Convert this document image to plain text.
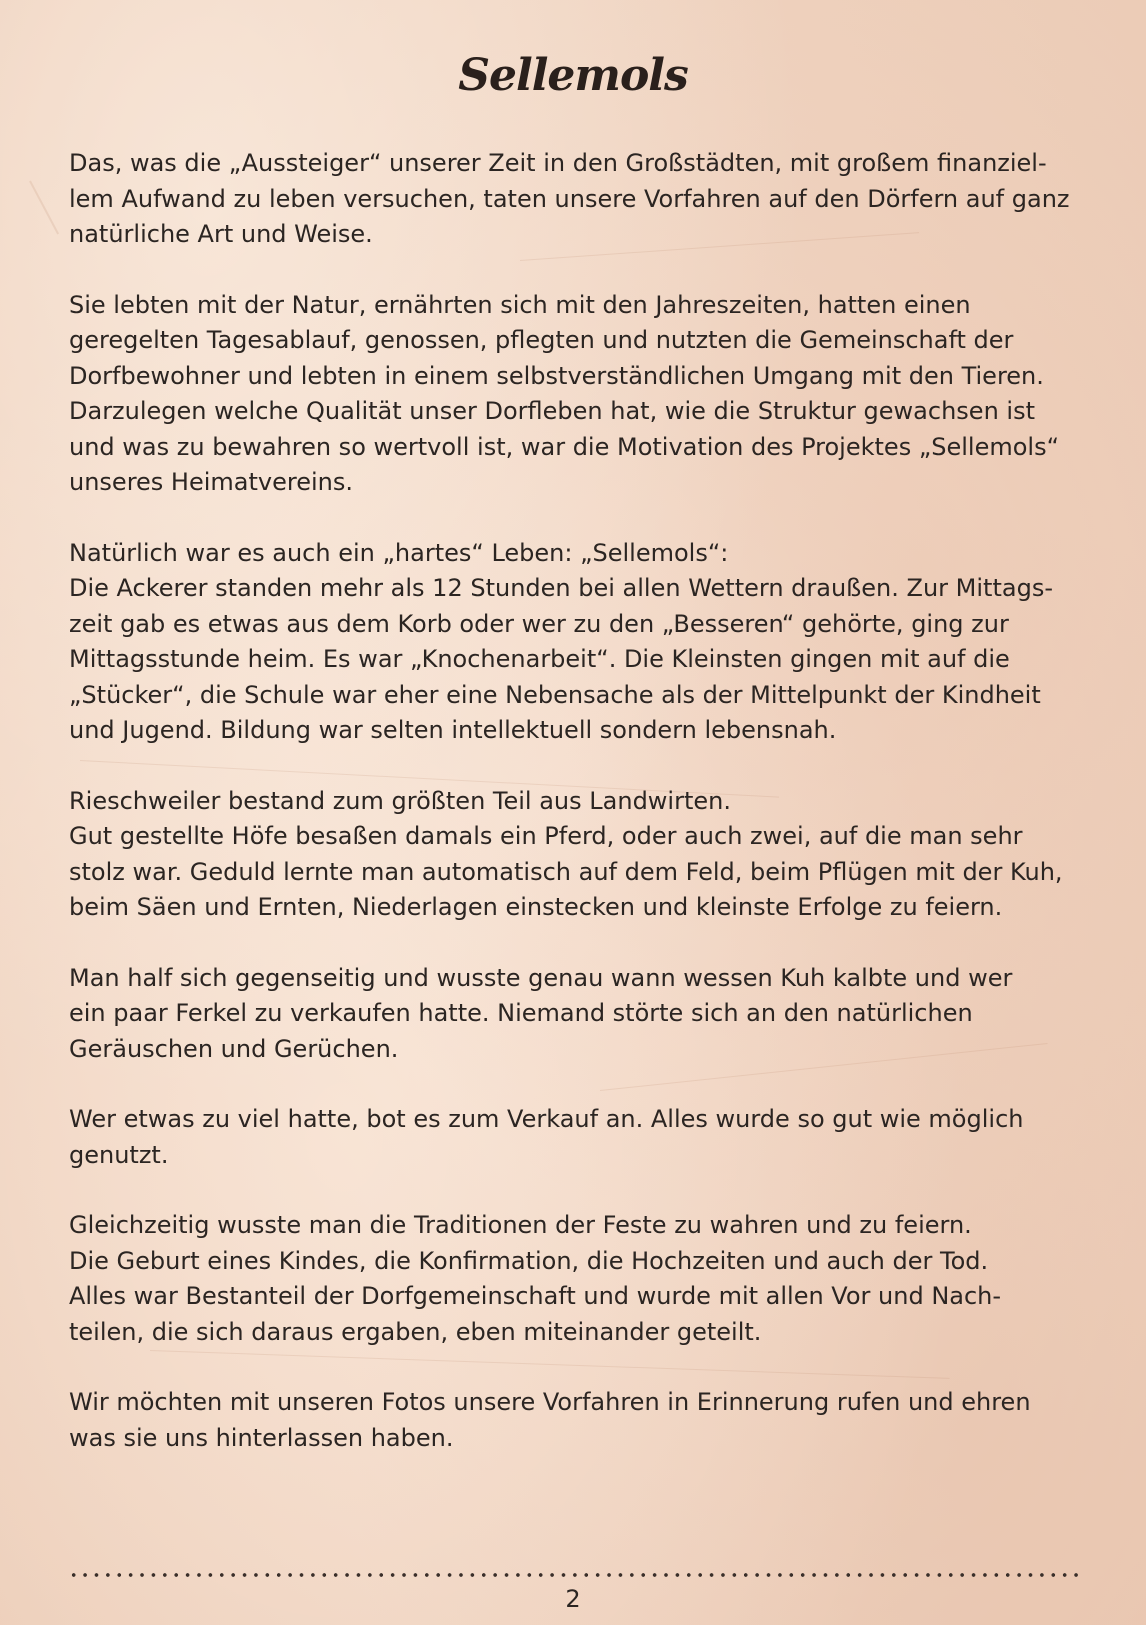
Sellemols

Das, was die „Aussteiger“ unserer Zeit in den Großstädten, mit großem finanziel-
lem Aufwand zu leben versuchen, taten unsere Vorfahren auf den Dörfern auf ganz
natürliche Art und Weise.

Sie lebten mit der Natur, ernährten sich mit den Jahreszeiten, hatten einen
geregelten Tagesablauf, genossen, pflegten und nutzten die Gemeinschaft der
Dorfbewohner und lebten in einem selbstverständlichen Umgang mit den Tieren.
Darzulegen welche Qualität unser Dorfleben hat, wie die Struktur gewachsen ist
und was zu bewahren so wertvoll ist, war die Motivation des Projektes „Sellemols“
unseres Heimatvereins.

Natürlich war es auch ein „hartes“ Leben: „Sellemols“:
Die Ackerer standen mehr als 12 Stunden bei allen Wettern draußen. Zur Mittags-
zeit gab es etwas aus dem Korb oder wer zu den „Besseren“ gehörte, ging zur
Mittagsstunde heim. Es war „Knochenarbeit“. Die Kleinsten gingen mit auf die
„Stücker“, die Schule war eher eine Nebensache als der Mittelpunkt der Kindheit
und Jugend. Bildung war selten intellektuell sondern lebensnah.

Rieschweiler bestand zum größten Teil aus Landwirten.
Gut gestellte Höfe besaßen damals ein Pferd, oder auch zwei, auf die man sehr
stolz war. Geduld lernte man automatisch auf dem Feld, beim Pflügen mit der Kuh,
beim Säen und Ernten, Niederlagen einstecken und kleinste Erfolge zu feiern.

Man half sich gegenseitig und wusste genau wann wessen Kuh kalbte und wer
ein paar Ferkel zu verkaufen hatte. Niemand störte sich an den natürlichen
Geräuschen und Gerüchen.

Wer etwas zu viel hatte, bot es zum Verkauf an. Alles wurde so gut wie möglich
genutzt.

Gleichzeitig wusste man die Traditionen der Feste zu wahren und zu feiern.
Die Geburt eines Kindes, die Konfirmation, die Hochzeiten und auch der Tod.
Alles war Bestanteil der Dorfgemeinschaft und wurde mit allen Vor und Nach-
teilen, die sich daraus ergaben, eben miteinander geteilt.

Wir möchten mit unseren Fotos unsere Vorfahren in Erinnerung rufen und ehren
was sie uns hinterlassen haben.

2
